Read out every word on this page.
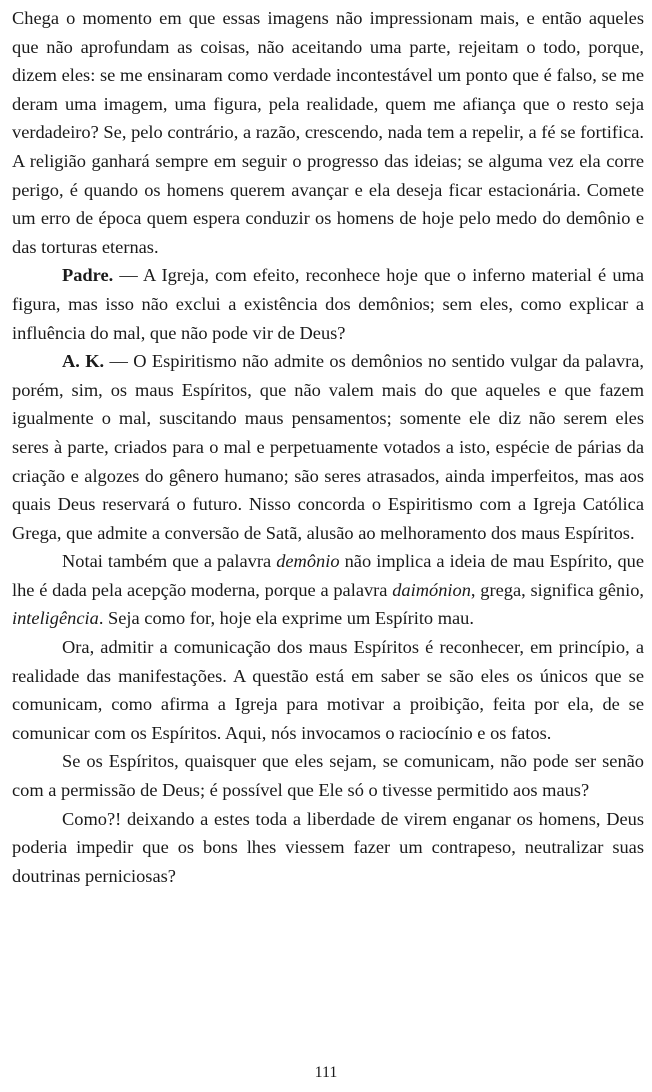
Chega o momento em que essas imagens não impressionam mais, e então aqueles que não aprofundam as coisas, não aceitando uma parte, rejeitam o todo, porque, dizem eles: se me ensinaram como verdade incontestável um ponto que é falso, se me deram uma imagem, uma figura, pela realidade, quem me afiança que o resto seja verdadeiro? Se, pelo contrário, a razão, crescendo, nada tem a repelir, a fé se fortifica. A religião ganhará sempre em seguir o progresso das ideias; se alguma vez ela corre perigo, é quando os homens querem avançar e ela deseja ficar estacionária. Comete um erro de época quem espera conduzir os homens de hoje pelo medo do demônio e das torturas eternas.

Padre. — A Igreja, com efeito, reconhece hoje que o inferno material é uma figura, mas isso não exclui a existência dos demônios; sem eles, como explicar a influência do mal, que não pode vir de Deus?

A. K. — O Espiritismo não admite os demônios no sentido vulgar da palavra, porém, sim, os maus Espíritos, que não valem mais do que aqueles e que fazem igualmente o mal, suscitando maus pensamentos; somente ele diz não serem eles seres à parte, criados para o mal e perpetuamente votados a isto, espécie de párias da criação e algozes do gênero humano; são seres atrasados, ainda imperfeitos, mas aos quais Deus reservará o futuro. Nisso concorda o Espiritismo com a Igreja Católica Grega, que admite a conversão de Satã, alusão ao melhoramento dos maus Espíritos.

Notai também que a palavra demônio não implica a ideia de mau Espírito, que lhe é dada pela acepção moderna, porque a palavra daimónion, grega, significa gênio, inteligência. Seja como for, hoje ela exprime um Espírito mau.

Ora, admitir a comunicação dos maus Espíritos é reconhecer, em princípio, a realidade das manifestações. A questão está em saber se são eles os únicos que se comunicam, como afirma a Igreja para motivar a proibição, feita por ela, de se comunicar com os Espíritos. Aqui, nós invocamos o raciocínio e os fatos.

Se os Espíritos, quaisquer que eles sejam, se comunicam, não pode ser senão com a permissão de Deus; é possível que Ele só o tivesse permitido aos maus?

Como?! deixando a estes toda a liberdade de virem enganar os homens, Deus poderia impedir que os bons lhes viessem fazer um contrapeso, neutralizar suas doutrinas perniciosas?

111
